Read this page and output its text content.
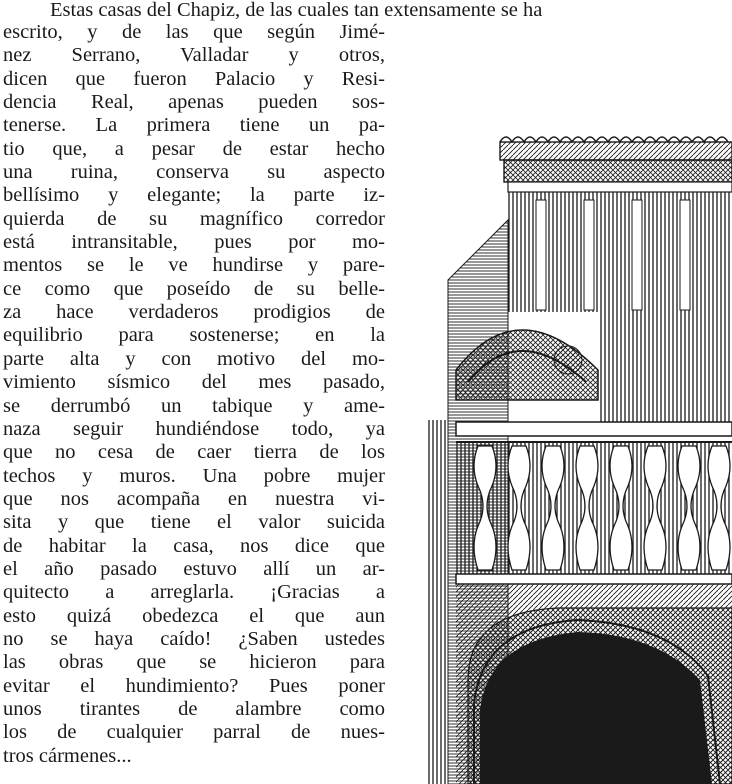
Estas casas del Chapiz, de las cuales tan extensamente se ha
escrito, y de las que según Jimé-
nez Serrano, Valladar y otros,
dicen que fueron Palacio y Resi-
dencia Real, apenas pueden sos-
tenerse. La primera tiene un pa-
tio que, a pesar de estar hecho
una ruina, conserva su aspecto
bellísimo y elegante; la parte iz-
quierda de su magnífico corredor
está intransitable, pues por mo-
mentos se le ve hundirse y pare-
ce como que poseído de su belle-
za hace verdaderos prodigios de
equilibrio para sostenerse; en la
parte alta y con motivo del mo-
vimiento sísmico del mes pasado,
se derrumbó un tabique y ame-
naza seguir hundiéndose todo, ya
que no cesa de caer tierra de los
techos y muros. Una pobre mujer
que nos acompaña en nuestra vi-
sita y que tiene el valor suicida
de habitar la casa, nos dice que
el año pasado estuvo allí un ar-
quitecto a arreglarla. ¡Gracias a
esto quizá obedezca el que aun
no se haya caído! ¿Saben ustedes
las obras que se hicieron para
evitar el hundimiento? Pues poner
unos tirantes de alambre como
los de cualquier parral de nues-
tros cármenes...
